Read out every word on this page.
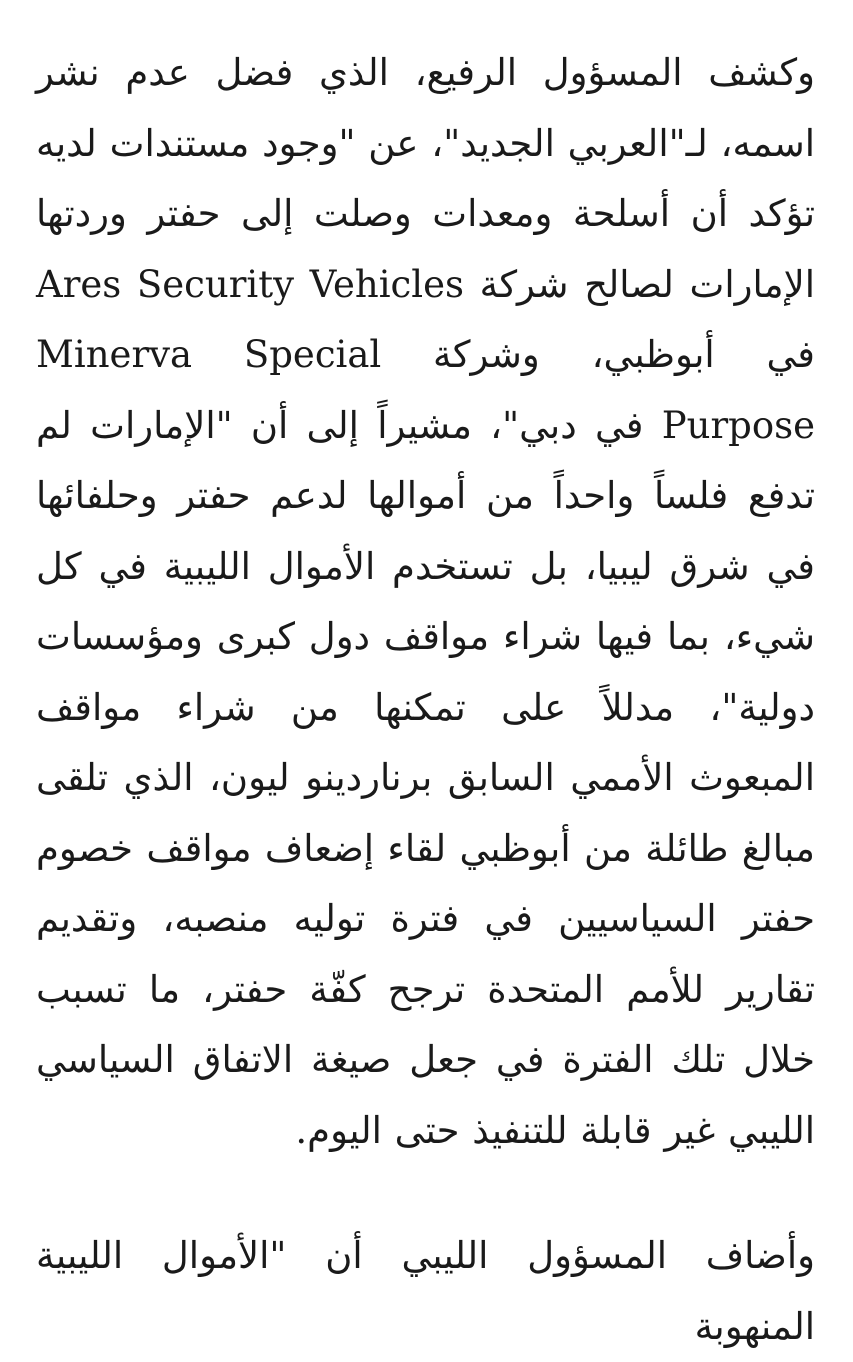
وكشف المسؤول الرفيع، الذي فضل عدم نشر اسمه، لـ"العربي الجديد"، عن "وجود مستندات لديه تؤكد أن أسلحة ومعدات وصلت إلى حفتر وردتها الإمارات لصالح شركة Ares Security Vehicles في أبوظبي، وشركة Minerva Special Purpose في دبي"، مشيراً إلى أن "الإمارات لم تدفع فلساً واحداً من أموالها لدعم حفتر وحلفائها في شرق ليبيا، بل تستخدم الأموال الليبية في كل شيء، بما فيها شراء مواقف دول كبرى ومؤسسات دولية"، مدللاً على تمكنها من شراء مواقف المبعوث الأممي السابق برناردينو ليون، الذي تلقى مبالغ طائلة من أبوظبي لقاء إضعاف مواقف خصوم حفتر السياسيين في فترة توليه منصبه، وتقديم تقارير للأمم المتحدة ترجح كفّة حفتر، ما تسبب خلال تلك الفترة في جعل صيغة الاتفاق السياسي الليبي غير قابلة للتنفيذ حتى اليوم.

وأضاف المسؤول الليبي أن "الأموال الليبية المنهوبة
